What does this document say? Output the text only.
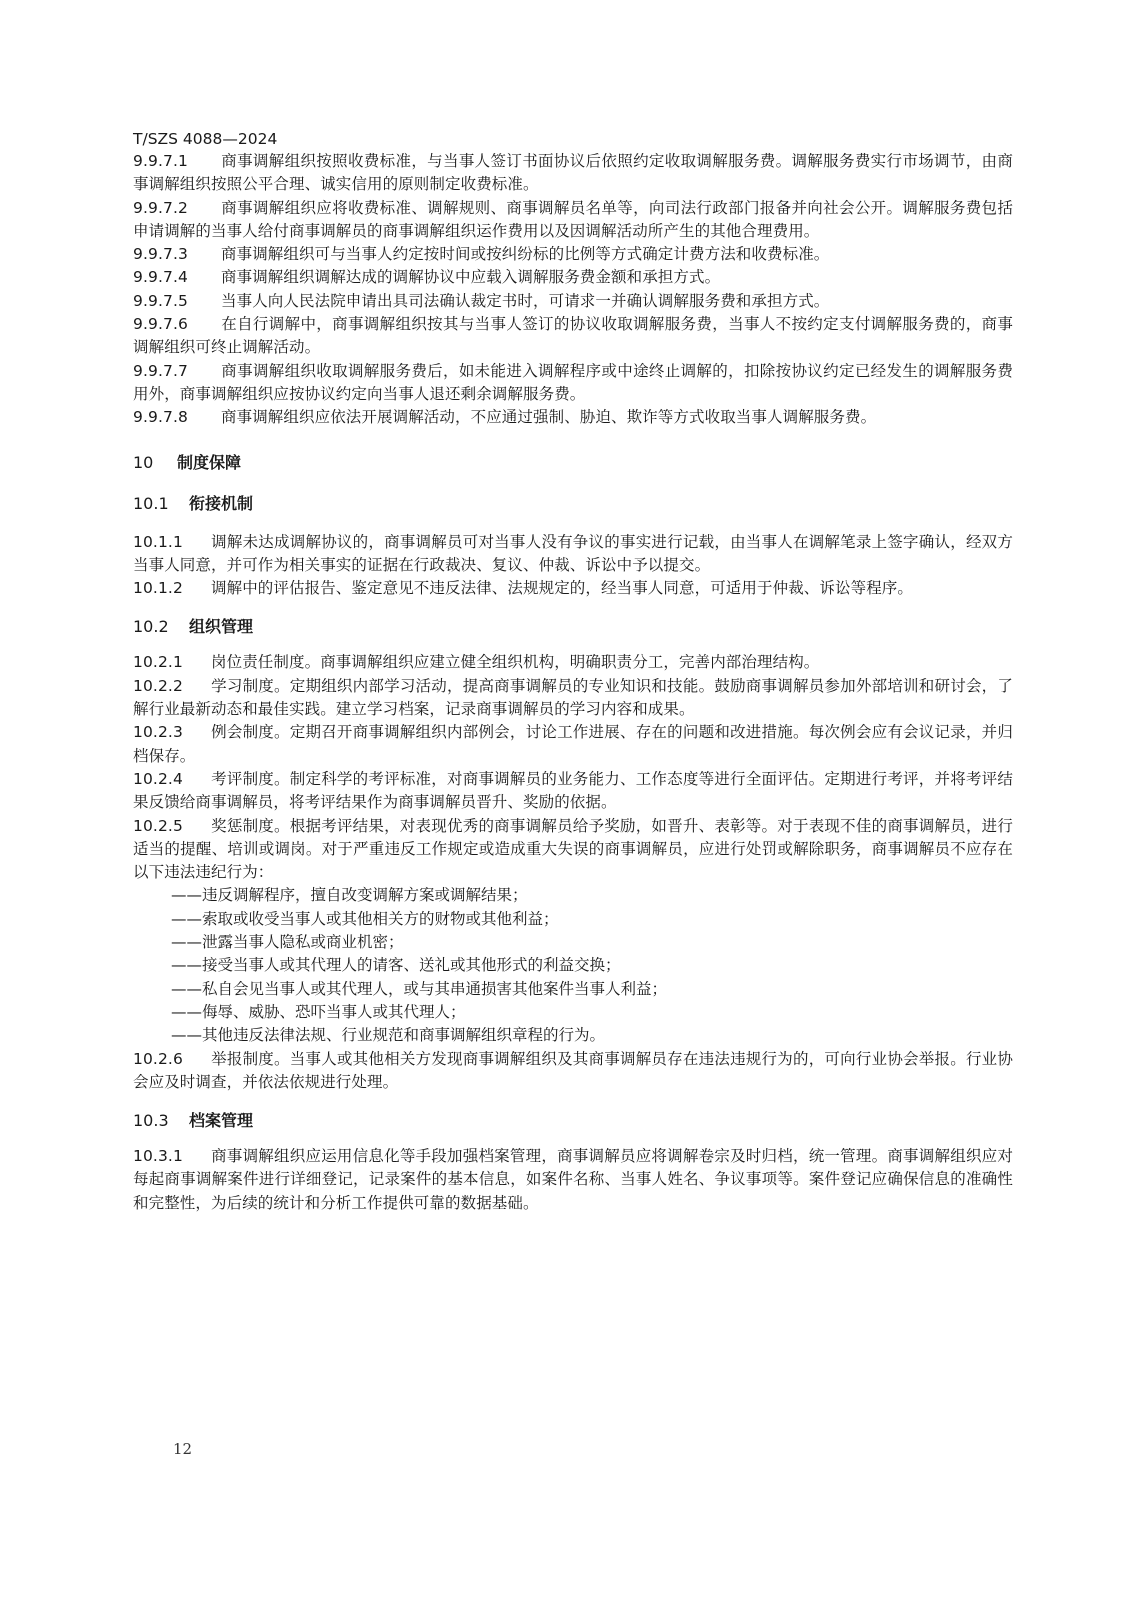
T/SZS 4088—2024

9.9.7.1 商事调解组织按照收费标准，与当事人签订书面协议后依照约定收取调解服务费。调解服务费实行市场调节，由商事调解组织按照公平合理、诚实信用的原则制定收费标准。

9.9.7.2 商事调解组织应将收费标准、调解规则、商事调解员名单等，向司法行政部门报备并向社会公开。调解服务费包括申请调解的当事人给付商事调解员的商事调解组织运作费用以及因调解活动所产生的其他合理费用。

9.9.7.3 商事调解组织可与当事人约定按时间或按纠纷标的比例等方式确定计费方法和收费标准。

9.9.7.4 商事调解组织调解达成的调解协议中应载入调解服务费金额和承担方式。

9.9.7.5 当事人向人民法院申请出具司法确认裁定书时，可请求一并确认调解服务费和承担方式。

9.9.7.6 在自行调解中，商事调解组织按其与当事人签订的协议收取调解服务费，当事人不按约定支付调解服务费的，商事调解组织可终止调解活动。

9.9.7.7 商事调解组织收取调解服务费后，如未能进入调解程序或中途终止调解的，扣除按协议约定已经发生的调解服务费用外，商事调解组织应按协议约定向当事人退还剩余调解服务费。

9.9.7.8 商事调解组织应依法开展调解活动，不应通过强制、胁迫、欺诈等方式收取当事人调解服务费。

10 制度保障

10.1 衔接机制

10.1.1 调解未达成调解协议的，商事调解员可对当事人没有争议的事实进行记载，由当事人在调解笔录上签字确认，经双方当事人同意，并可作为相关事实的证据在行政裁决、复议、仲裁、诉讼中予以提交。

10.1.2 调解中的评估报告、鉴定意见不违反法律、法规规定的，经当事人同意，可适用于仲裁、诉讼等程序。

10.2 组织管理

10.2.1 岗位责任制度。商事调解组织应建立健全组织机构，明确职责分工，完善内部治理结构。

10.2.2 学习制度。定期组织内部学习活动，提高商事调解员的专业知识和技能。鼓励商事调解员参加外部培训和研讨会，了解行业最新动态和最佳实践。建立学习档案，记录商事调解员的学习内容和成果。

10.2.3 例会制度。定期召开商事调解组织内部例会，讨论工作进展、存在的问题和改进措施。每次例会应有会议记录，并归档保存。

10.2.4 考评制度。制定科学的考评标准，对商事调解员的业务能力、工作态度等进行全面评估。定期进行考评，并将考评结果反馈给商事调解员，将考评结果作为商事调解员晋升、奖励的依据。

10.2.5 奖惩制度。根据考评结果，对表现优秀的商事调解员给予奖励，如晋升、表彰等。对于表现不佳的商事调解员，进行适当的提醒、培训或调岗。对于严重违反工作规定或造成重大失误的商事调解员，应进行处罚或解除职务，商事调解员不应存在以下违法违纪行为：

——违反调解程序，擅自改变调解方案或调解结果；

——索取或收受当事人或其他相关方的财物或其他利益；

——泄露当事人隐私或商业机密；

——接受当事人或其代理人的请客、送礼或其他形式的利益交换；

——私自会见当事人或其代理人，或与其串通损害其他案件当事人利益；

——侮辱、威胁、恐吓当事人或其代理人；

——其他违反法律法规、行业规范和商事调解组织章程的行为。

10.2.6 举报制度。当事人或其他相关方发现商事调解组织及其商事调解员存在违法违规行为的，可向行业协会举报。行业协会应及时调查，并依法依规进行处理。

10.3 档案管理

10.3.1 商事调解组织应运用信息化等手段加强档案管理，商事调解员应将调解卷宗及时归档，统一管理。商事调解组织应对每起商事调解案件进行详细登记，记录案件的基本信息，如案件名称、当事人姓名、争议事项等。案件登记应确保信息的准确性和完整性，为后续的统计和分析工作提供可靠的数据基础。

12
